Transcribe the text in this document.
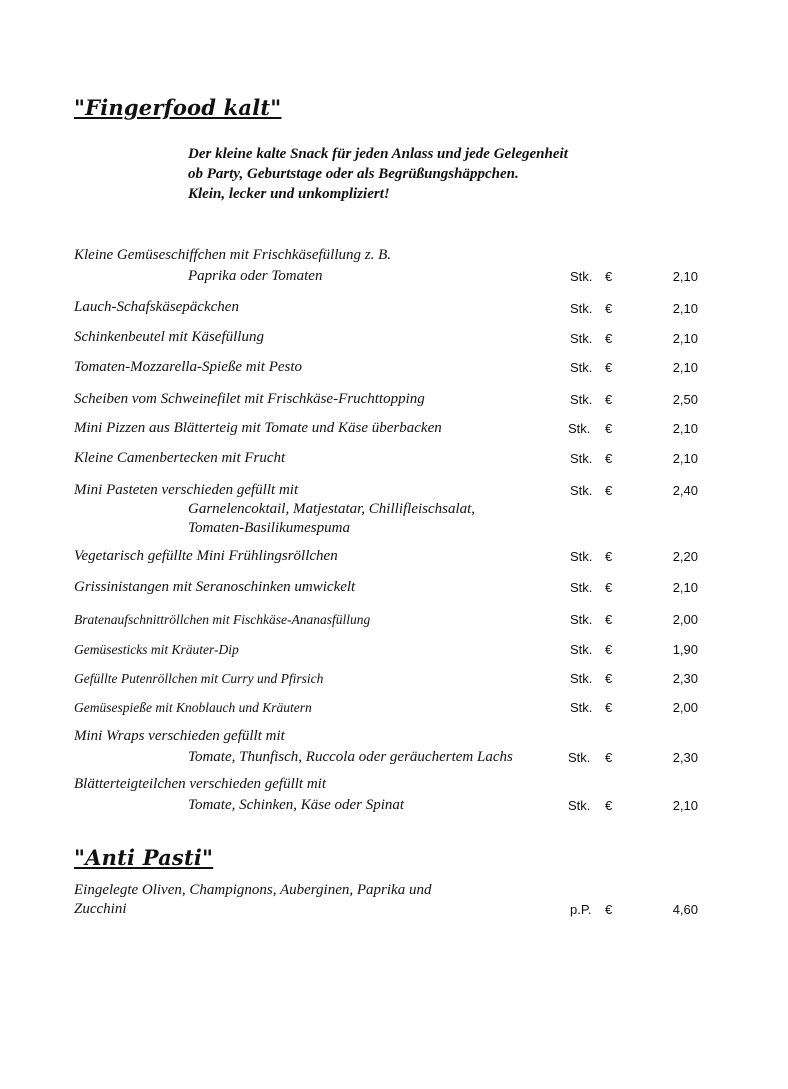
"Fingerfood kalt"
Der kleine kalte Snack für jeden Anlass und jede Gelegenheit
ob Party, Geburtstage oder als Begrüßungshäppchen.
Klein, lecker und unkompliziert!
Kleine Gemüseschiffchen mit Frischkäsefüllung z. B.
Paprika oder Tomaten	Stk. €	2,10
Lauch-Schafskäsepäckchen	Stk. €	2,10
Schinkenbeutel mit Käsefüllung	Stk. €	2,10
Tomaten-Mozzarella-Spieße mit Pesto	Stk. €	2,10
Scheiben vom Schweinefilet mit Frischkäse-Fruchttopping	Stk. €	2,50
Mini Pizzen aus Blätterteig mit Tomate und Käse überbacken	Stk. €	2,10
Kleine Camenbertecken mit Frucht	Stk. €	2,10
Mini Pasteten verschieden gefüllt mit	Stk. €	2,40
Garnelencoktail, Matjestatar, Chillifleischsalat,
Tomaten-Basilikumespuma
Vegetarisch gefüllte Mini Frühlingsröllchen	Stk. €	2,20
Grissinistangen mit Seranoschinken umwickelt	Stk. €	2,10
Bratenaufschnittröllchen mit Fischkäse-Ananasfüllung	Stk. €	2,00
Gemüsesticks mit Kräuter-Dip	Stk. €	1,90
Gefüllte Putenröllchen mit Curry und Pfirsich	Stk. €	2,30
Gemüsespieße mit Knoblauch und Kräutern	Stk. €	2,00
Mini Wraps verschieden gefüllt mit
Tomate, Thunfisch, Ruccola oder geräuchertem Lachs	Stk. €	2,30
Blätterteigteilchen verschieden gefüllt mit
Tomate, Schinken, Käse oder Spinat	Stk. €	2,10
"Anti Pasti"
Eingelegte Oliven, Champignons, Auberginen, Paprika und
Zucchini	p.P. €	4,60
